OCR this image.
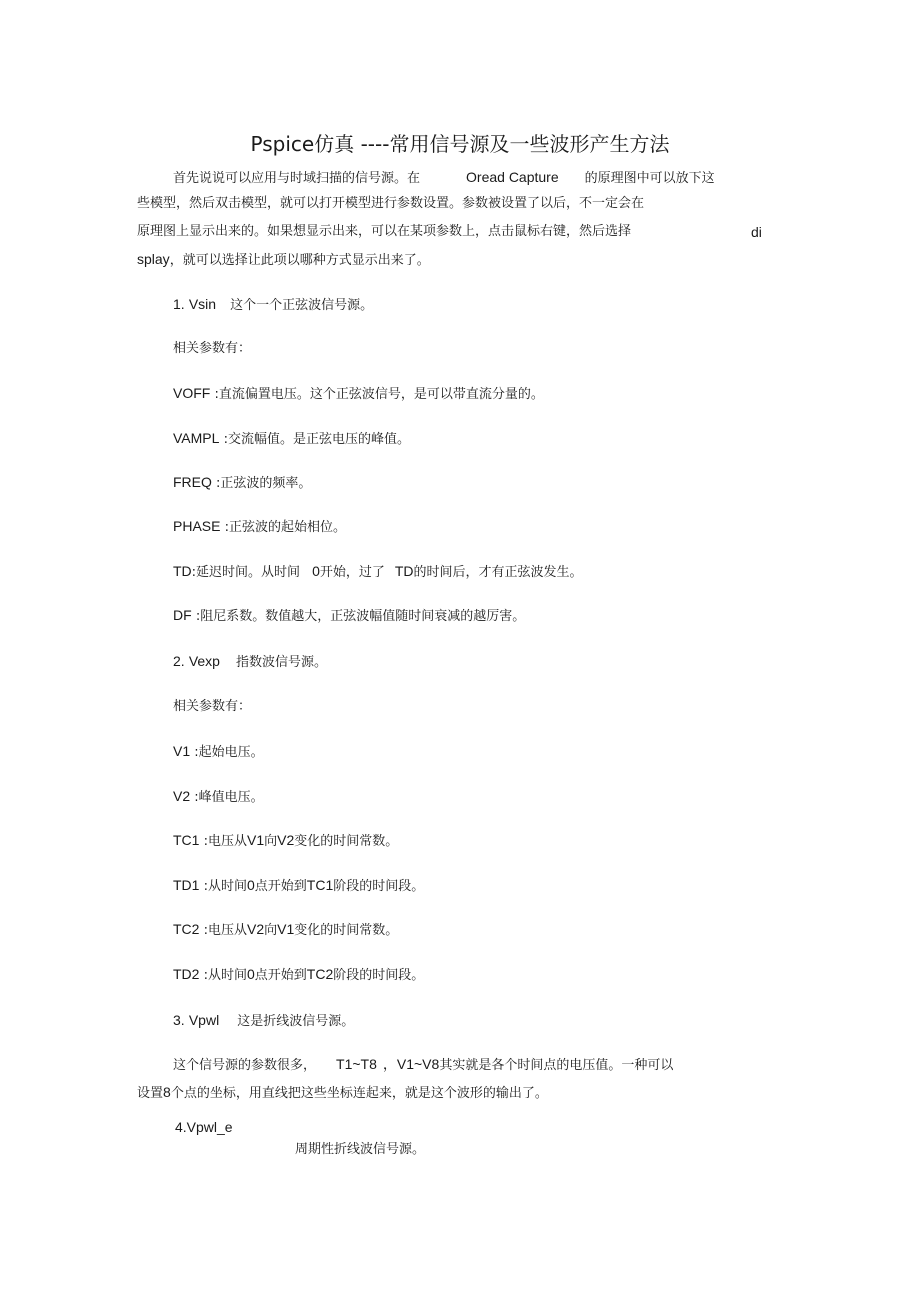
Pspice仿真 ----常用信号源及一些波形产生方法
首先说说可以应用与时域扫描的信号源。在	Oread Capture 的原理图中可以放下这
些模型，然后双击模型，就可以打开模型进行参数设置。参数被设置了以后，不一定会在
原理图上显示出来的。如果想显示出来，可以在某项参数上，点击鼠标右键，然后选择	di
splay，就可以选择让此项以哪种方式显示出来了。
1. Vsin 这个一个正弦波信号源。
相关参数有：
VOFF :直流偏置电压。这个正弦波信号，是可以带直流分量的。
VAMPL :交流幅值。是正弦电压的峰值。
FREQ :正弦波的频率。
PHASE :正弦波的起始相位。
TD:延迟时间。从时间 0开始，过了 TD的时间后，才有正弦波发生。
DF :阻尼系数。数值越大，正弦波幅值随时间衰减的越厉害。
2. Vexp 指数波信号源。
相关参数有：
V1 :起始电压。
V2 :峰值电压。
TC1 :电压从V1向V2变化的时间常数。
TD1 :从时间0点开始到TC1阶段的时间段。
TC2 :电压从V2向V1变化的时间常数。
TD2 :从时间0点开始到TC2阶段的时间段。
3. Vpwl 这是折线波信号源。
这个信号源的参数很多， T1~T8 ，V1~V8其实就是各个时间点的电压值。一种可以
设置8个点的坐标，用直线把这些坐标连起来，就是这个波形的输出了。
4.Vpwl_e
周期性折线波信号源。
